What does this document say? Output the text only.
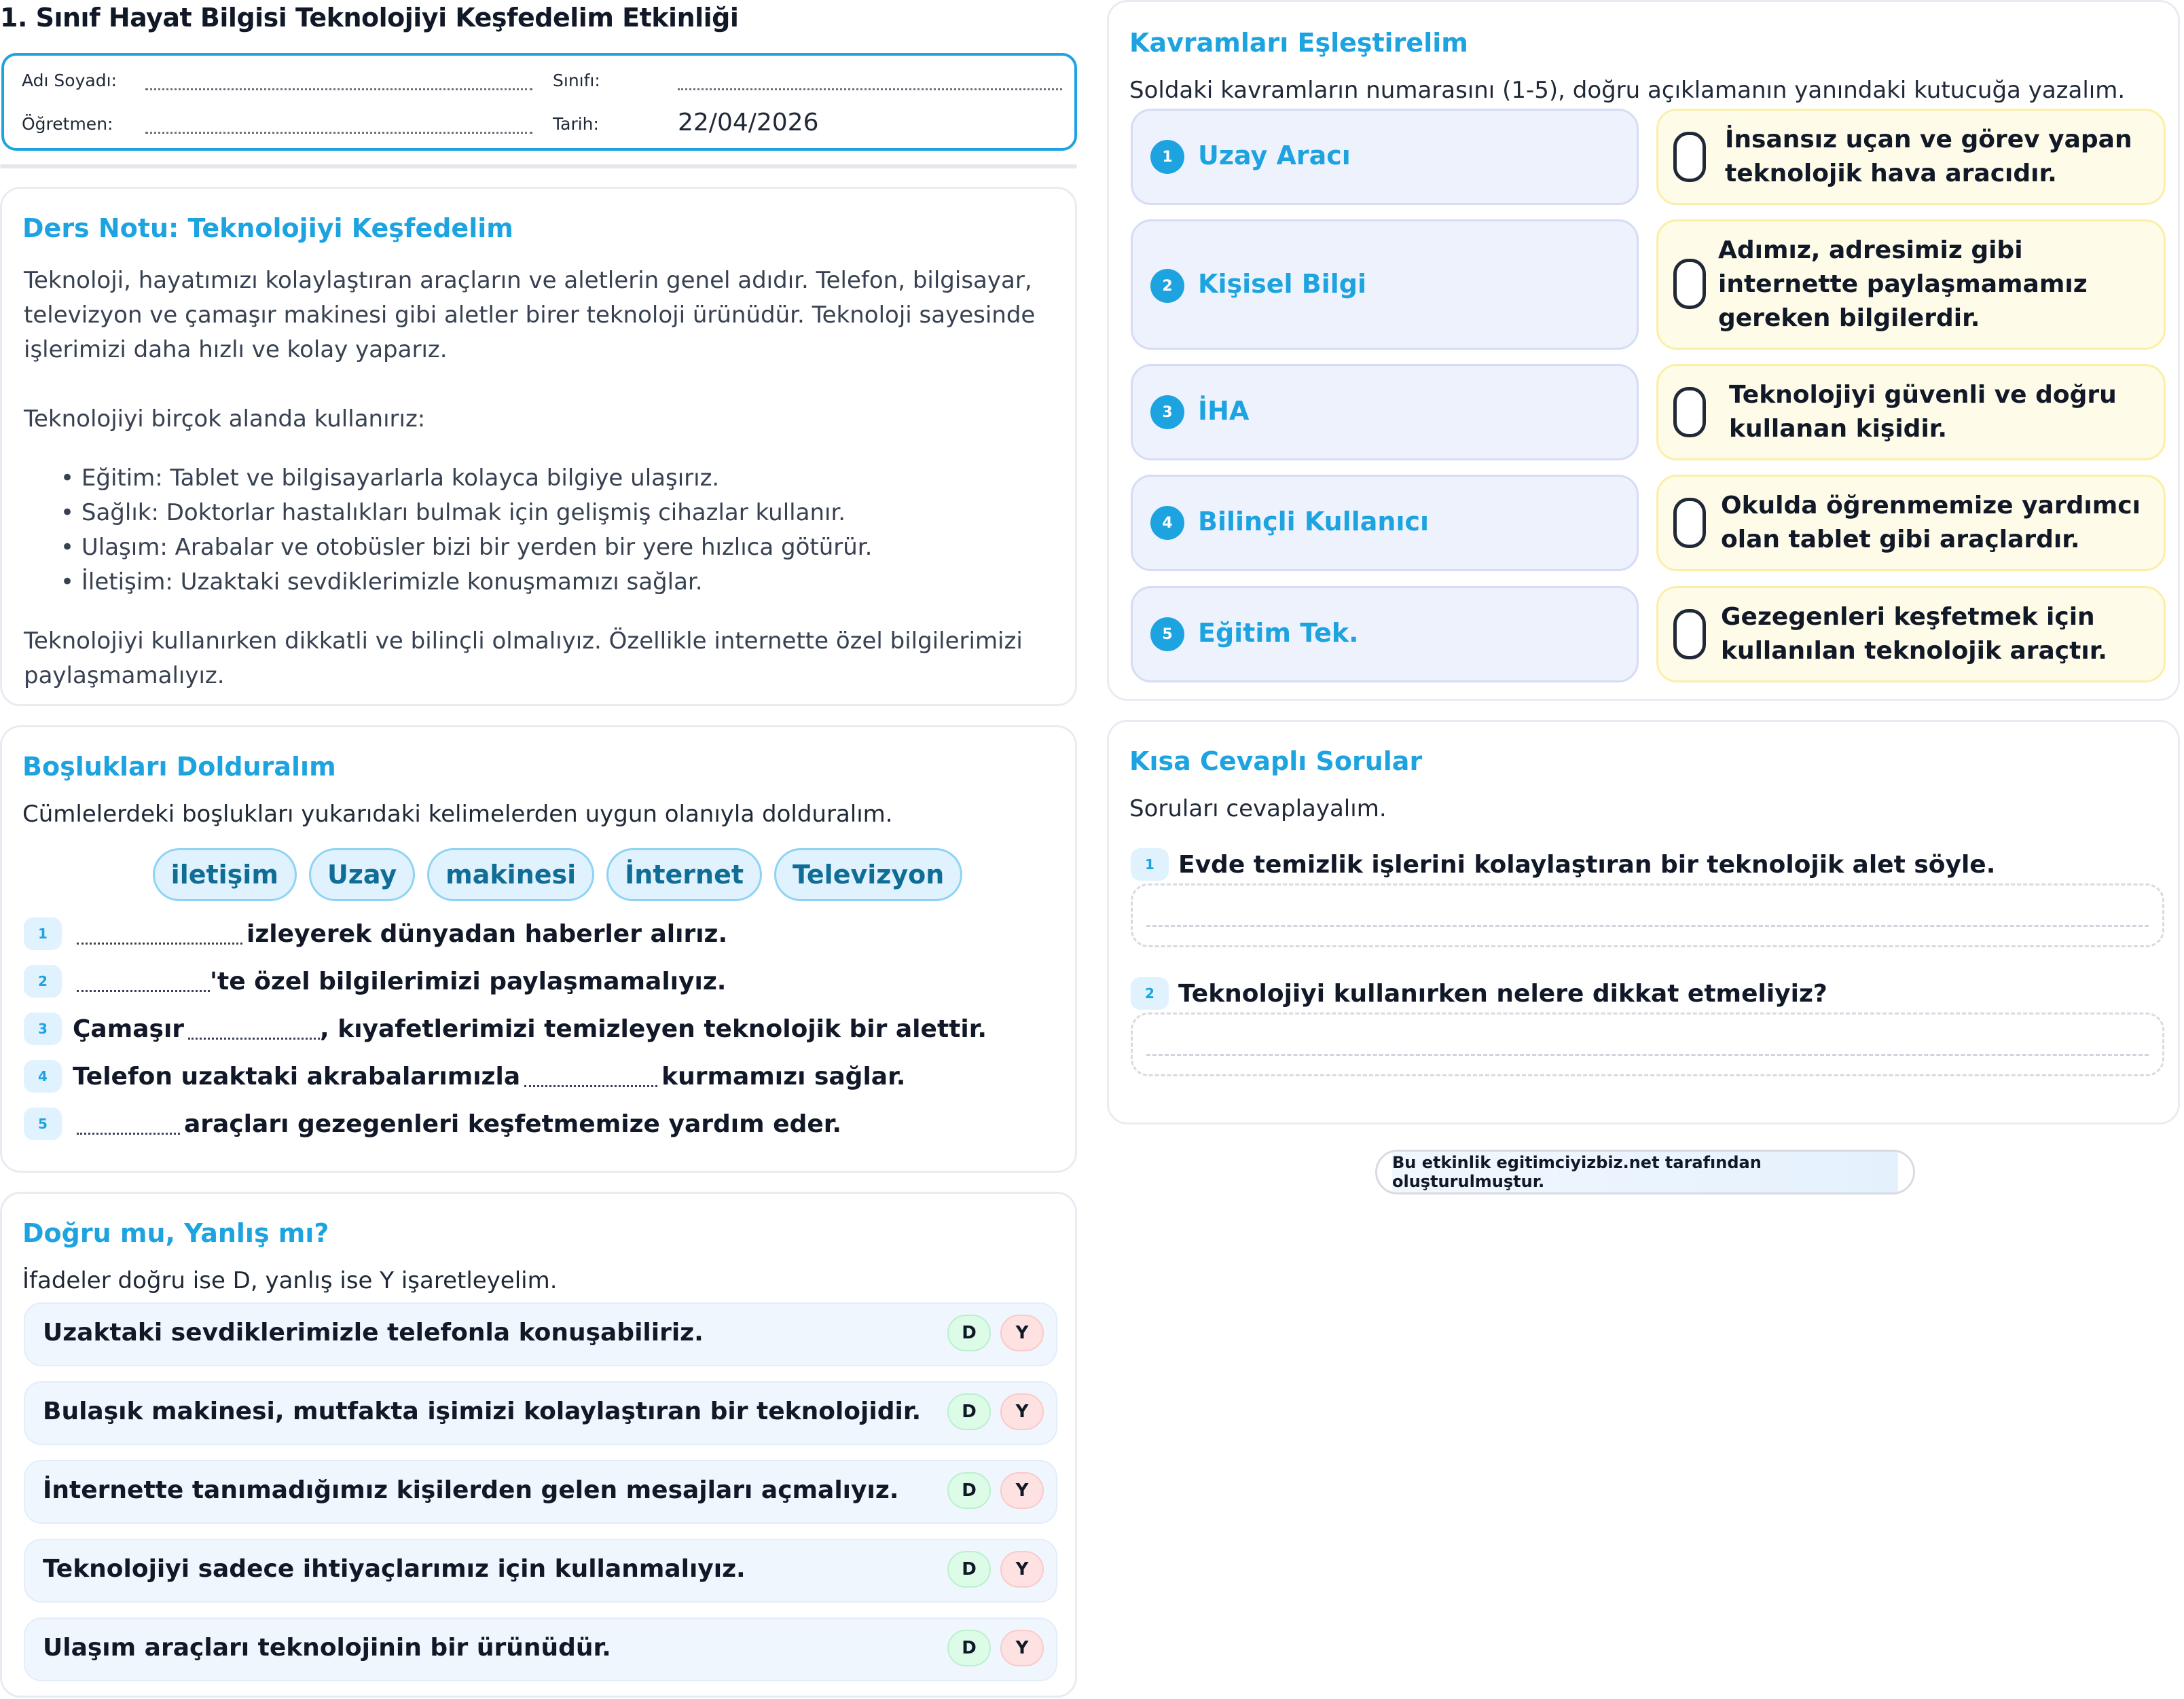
1. Sınıf Hayat Bilgisi Teknolojiyi Keşfedelim Etkinliği
Adı Soyadı:	Sınıfı:
Öğretmen:	Tarih:	22/04/2026
Ders Notu: Teknolojiyi Keşfedelim

Teknoloji, hayatımızı kolaylaştıran araçların ve aletlerin genel adıdır. Telefon, bilgisayar, televizyon ve çamaşır makinesi gibi aletler birer teknoloji ürünüdür. Teknoloji sayesinde işlerimizi daha hızlı ve kolay yaparız.

Teknolojiyi birçok alanda kullanırız:

• Eğitim: Tablet ve bilgisayarlarla kolayca bilgiye ulaşırız.
• Sağlık: Doktorlar hastalıkları bulmak için gelişmiş cihazlar kullanır.
• Ulaşım: Arabalar ve otobüsler bizi bir yerden bir yere hızlıca götürür.
• İletişim: Uzaktaki sevdiklerimizle konuşmamızı sağlar.

Teknolojiyi kullanırken dikkatli ve bilinçli olmalıyız. Özellikle internette özel bilgilerimizi paylaşmamalıyız.

Boşlukları Dolduralım
Cümlelerdeki boşlukları yukarıdaki kelimelerden uygun olanıyla dolduralım.
iletişim	Uzay	makinesi	İnternet	Televizyon
1	izleyerek dünyadan haberler alırız.
2	'te özel bilgilerimizi paylaşmamalıyız.
3	Çamaşır	, kıyafetlerimizi temizleyen teknolojik bir alettir.
4	Telefon uzaktaki akrabalarımızla	kurmamızı sağlar.
5	araçları gezegenleri keşfetmemize yardım eder.
Doğru mu, Yanlış mı?
İfadeler doğru ise D, yanlış ise Y işaretleyelim.
Uzaktaki sevdiklerimizle telefonla konuşabiliriz.	D	Y
Bulaşık makinesi, mutfakta işimizi kolaylaştıran bir teknolojidir.	D	Y
İnternette tanımadığımız kişilerden gelen mesajları açmalıyız.	D	Y
Teknolojiyi sadece ihtiyaçlarımız için kullanmalıyız.	D	Y
Ulaşım araçları teknolojinin bir ürünüdür.	D	Y
Kavramları Eşleştirelim
Soldaki kavramların numarasını (1-5), doğru açıklamanın yanındaki kutucuğa yazalım.
1 Uzay Aracı
İnsansız uçan ve görev yapan teknolojik hava aracıdır.
2 Kişisel Bilgi
Adımız, adresimiz gibi internette paylaşmamamız gereken bilgilerdir.
3 İHA
Teknolojiyi güvenli ve doğru kullanan kişidir.
4 Bilinçli Kullanıcı
Okulda öğrenmemize yardımcı olan tablet gibi araçlardır.
5 Eğitim Tek.
Gezegenleri keşfetmek için kullanılan teknolojik araçtır.
Kısa Cevaplı Sorular
Soruları cevaplayalım.
1 Evde temizlik işlerini kolaylaştıran bir teknolojik alet söyle.
2 Teknolojiyi kullanırken nelere dikkat etmeliyiz?
Bu etkinlik egitimciyizbiz.net tarafından oluşturulmuştur.
